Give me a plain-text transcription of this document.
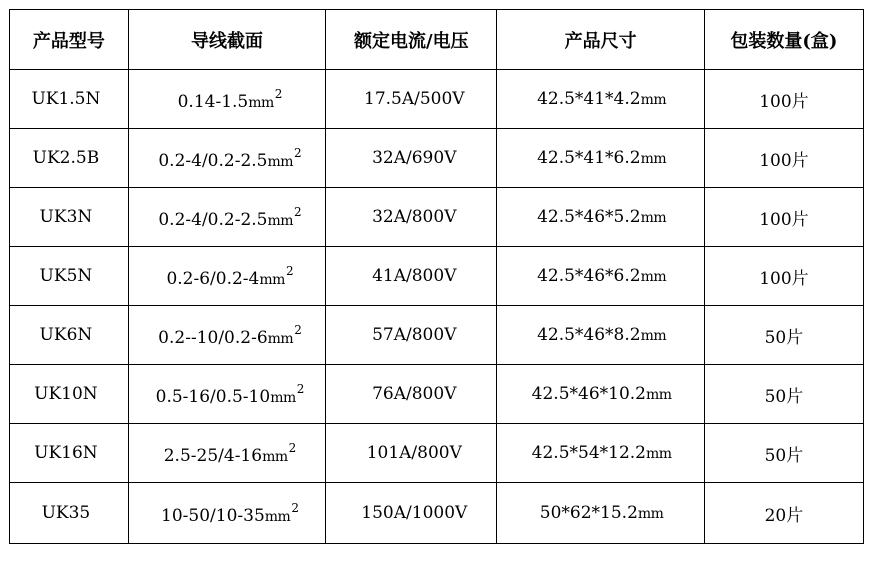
产品型号	导线截面	额定电流/电压	产品尺寸	包装数量(盒)
UK1.5N	$0.14-1.5mm^2$	17.5A/500V	42.5*41*4.2mm	100片
UK2.5B	$0.2-4/0.2-2.5mm^2$	32A/690V	42.5*41*6.2mm	100片
UK3N	$0.2-4/0.2-2.5mm^2$	32A/800V	42.5*46*5.2mm	100片
UK5N	$0.2-6/0.2-4mm^2$	41A/800V	42.5*46*6.2mm	100片
UK6N	$0.2--10/0.2-6mm^2$	57A/800V	42.5*46*8.2mm	50片
UK10N	$0.5-16/0.5-10mm^2$	76A/800V	42.5*46*10.2mm	50片
UK16N	$2.5-25/4-16mm^2$	101A/800V	42.5*54*12.2mm	50片
UK35	$10-50/10-35mm^2$	150A/1000V	50*62*15.2mm	20片
